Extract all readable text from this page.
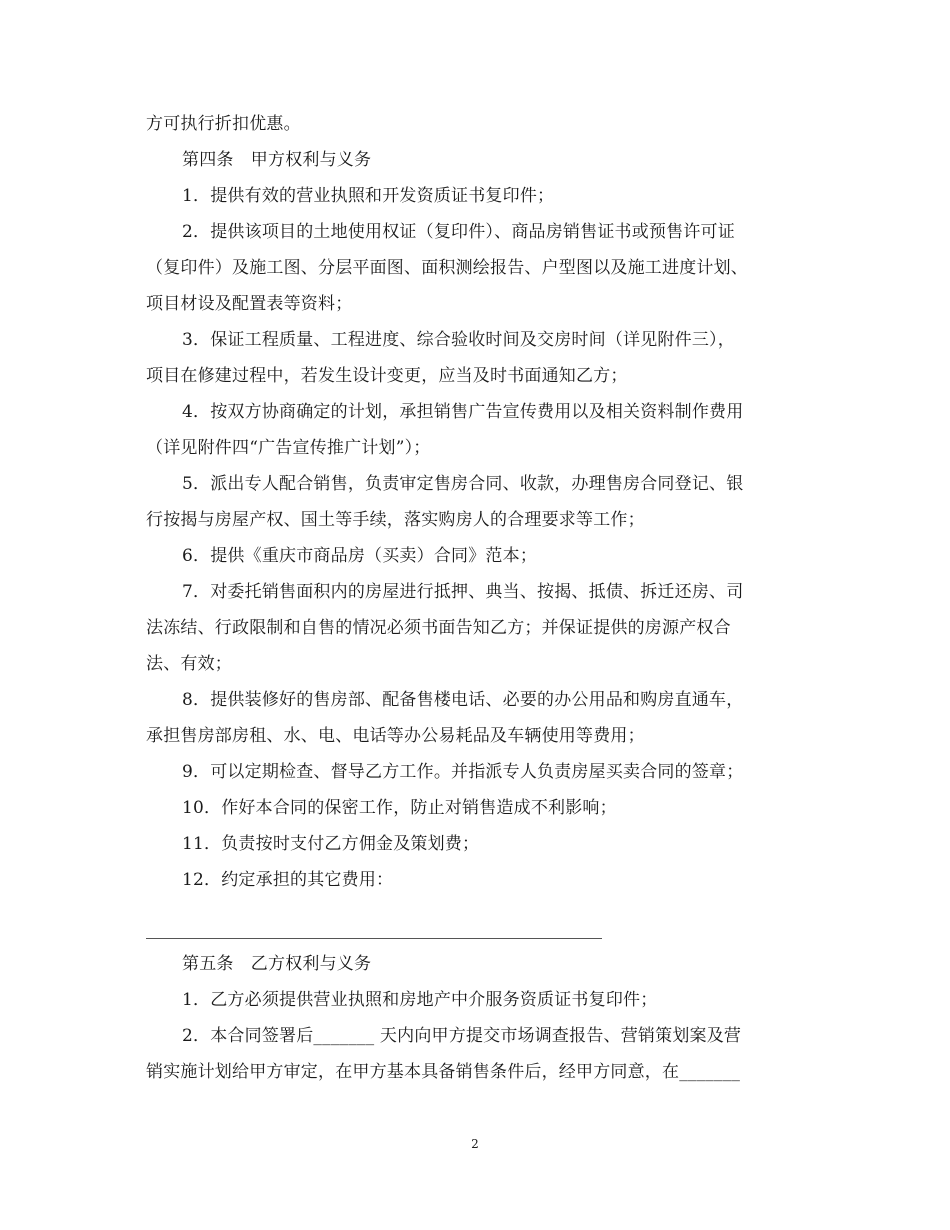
方可执行折扣优惠。
第四条　甲方权利与义务
1．提供有效的营业执照和开发资质证书复印件；
2．提供该项目的土地使用权证（复印件）、商品房销售证书或预售许可证
（复印件）及施工图、分层平面图、面积测绘报告、户型图以及施工进度计划、
项目材设及配置表等资料；
3．保证工程质量、工程进度、综合验收时间及交房时间（详见附件三），
项目在修建过程中，若发生设计变更，应当及时书面通知乙方；
4．按双方协商确定的计划，承担销售广告宣传费用以及相关资料制作费用
（详见附件四“广告宣传推广计划”）；
5．派出专人配合销售，负责审定售房合同、收款，办理售房合同登记、银
行按揭与房屋产权、国土等手续，落实购房人的合理要求等工作；
6．提供《重庆市商品房（买卖）合同》范本；
7．对委托销售面积内的房屋进行抵押、典当、按揭、抵债、拆迁还房、司
法冻结、行政限制和自售的情况必须书面告知乙方；并保证提供的房源产权合
法、有效；
8．提供装修好的售房部、配备售楼电话、必要的办公用品和购房直通车，
承担售房部房租、水、电、电话等办公易耗品及车辆使用等费用；
9．可以定期检查、督导乙方工作。并指派专人负责房屋买卖合同的签章；
10．作好本合同的保密工作，防止对销售造成不利影响；
11．负责按时支付乙方佣金及策划费；
12．约定承担的其它费用：
第五条　乙方权利与义务
1．乙方必须提供营业执照和房地产中介服务资质证书复印件；
2．本合同签署后_______ 天内向甲方提交市场调查报告、营销策划案及营
销实施计划给甲方审定，在甲方基本具备销售条件后，经甲方同意，在_______
2
